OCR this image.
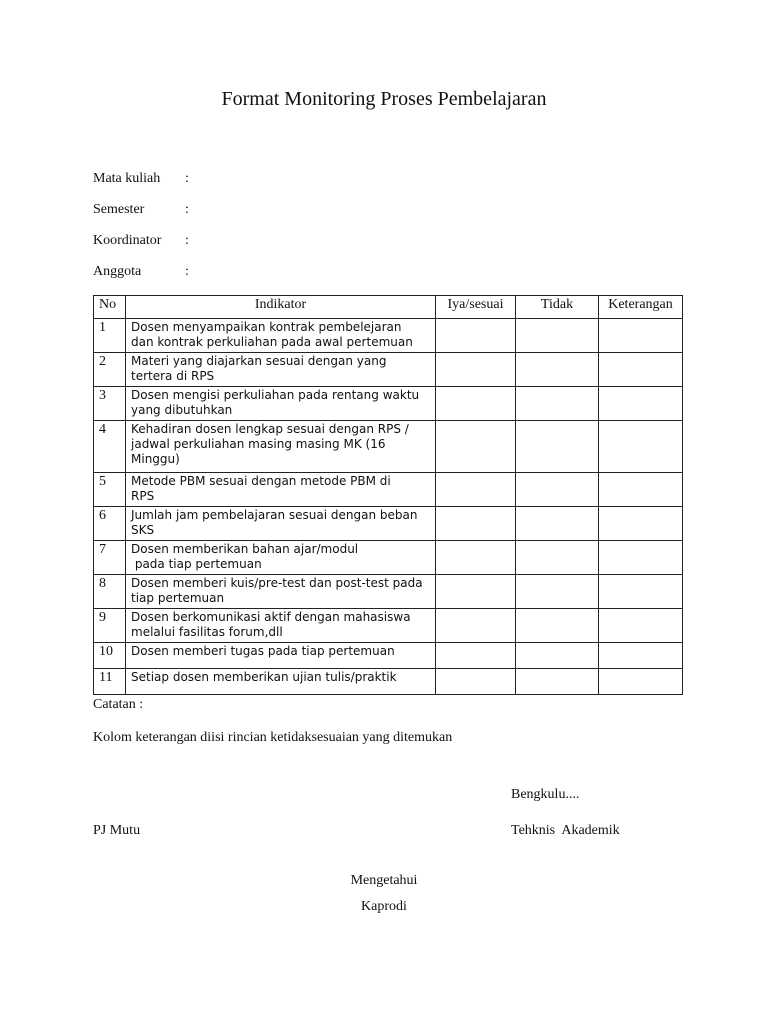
Format Monitoring Proses Pembelajaran
Mata kuliah :
Semester	:
Koordinator :
Anggota	:
No	Indikator	Iya/sesuai	Tidak	Keterangan
1	Dosen menyampaikan kontrak pembelejaran
dan kontrak perkuliahan pada awal pertemuan			
2	Materi yang diajarkan sesuai dengan yang
tertera di RPS			
3	Dosen mengisi perkuliahan pada rentang waktu
yang dibutuhkan			
4	Kehadiran dosen lengkap sesuai dengan RPS /
jadwal perkuliahan masing masing MK (16
Minggu)			
5	Metode PBM sesuai dengan metode PBM di
RPS			
6	Jumlah jam pembelajaran sesuai dengan beban
SKS			
7	Dosen memberikan bahan ajar/modul
pada tiap pertemuan			
8	Dosen memberi kuis/pre-test dan post-test pada
tiap pertemuan			
9	Dosen berkomunikasi aktif dengan mahasiswa
melalui fasilitas forum,dll			
10	Dosen memberi tugas pada tiap pertemuan			
11	Setiap dosen memberikan ujian tulis/praktik			
Catatan :
Kolom keterangan diisi rincian ketidaksesuaian yang ditemukan
Bengkulu....
PJ Mutu	Tehknis  Akademik
Mengetahui
Kaprodi
